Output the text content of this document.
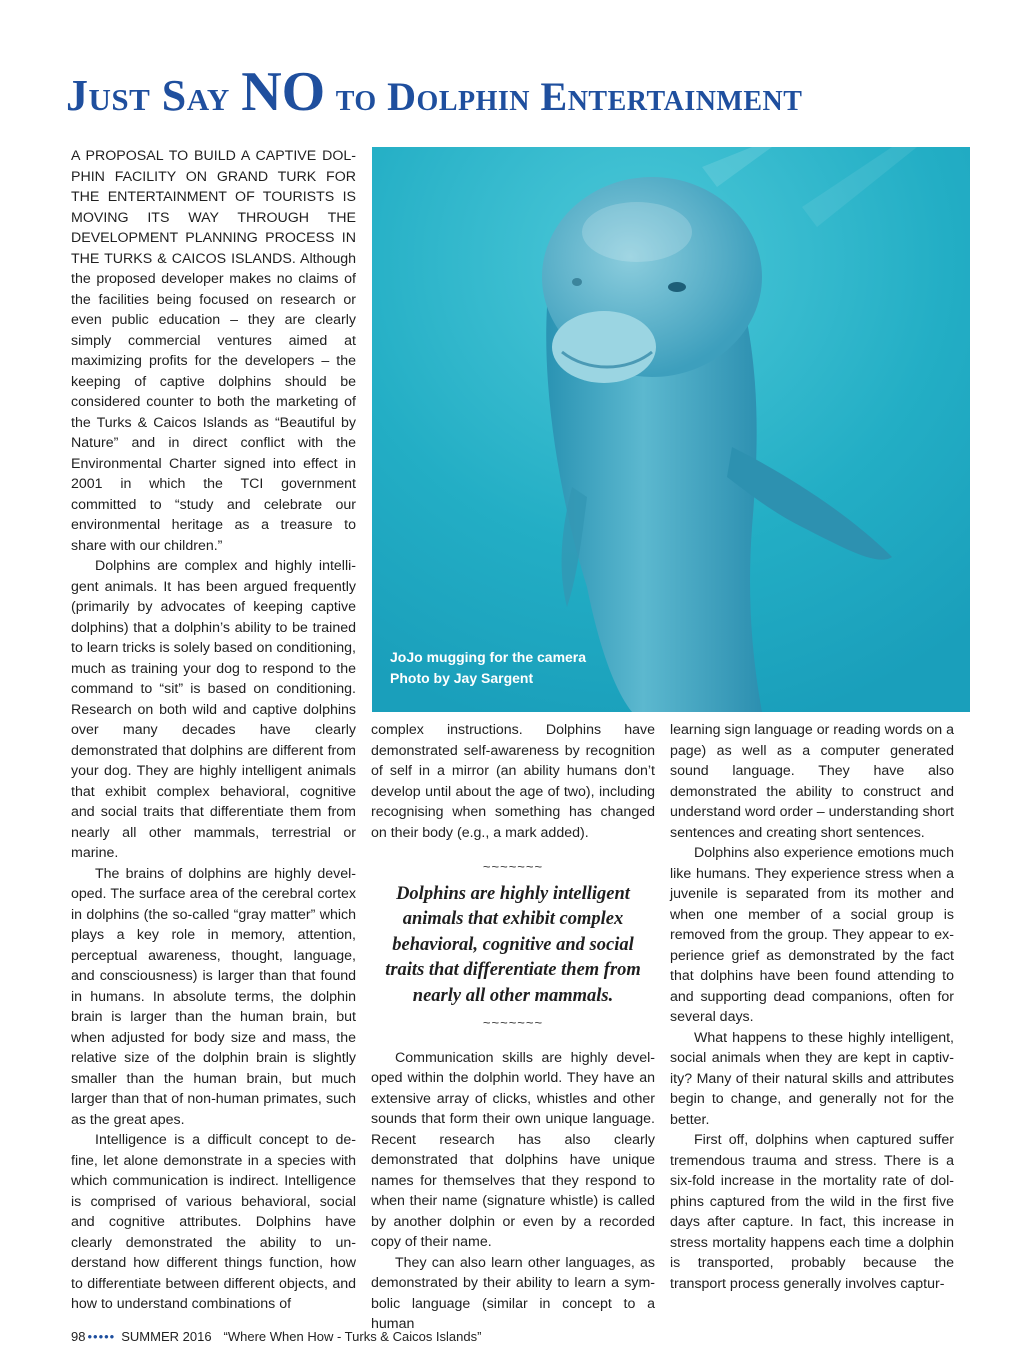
Just Say NO to Dolphin Entertainment

A PROPOSAL TO BUILD A CAPTIVE DOLPHIN FACILITY ON GRAND TURK FOR THE ENTERTAINMENT OF TOURISTS IS MOVING ITS WAY THROUGH THE DEVELOPMENT PLANNING PROCESS IN THE TURKS & CAICOS ISLANDS. Although the proposed developer makes no claims of the facilities being focused on research or even public education – they are clearly simply commercial ventures aimed at maximizing profits for the developers – the keeping of captive dolphins should be considered counter to both the marketing of the Turks & Caicos Islands as “Beautiful by Nature” and in direct conflict with the Environmental Charter signed into effect in 2001 in which the TCI government committed to “study and celebrate our environmental heritage as a treasure to share with our children.”

Dolphins are complex and highly intelligent animals. It has been argued frequently (primarily by advocates of keeping captive dolphins) that a dolphin’s ability to be trained to learn tricks is solely based on conditioning, much as training your dog to respond to the command to “sit” is based on conditioning. Research on both wild and captive dolphins over many decades have clearly demonstrated that dolphins are different from your dog. They are highly intelligent animals that exhibit complex behavioral, cognitive and social traits that differentiate them from nearly all other mammals, terrestrial or marine.

The brains of dolphins are highly developed. The surface area of the cerebral cortex in dolphins (the so-called “gray matter” which plays a key role in memory, attention, perceptual awareness, thought, language, and consciousness) is larger than that found in humans. In absolute terms, the dolphin brain is larger than the human brain, but when adjusted for body size and mass, the relative size of the dolphin brain is slightly smaller than the human brain, but much larger than that of non-human primates, such as the great apes.

Intelligence is a difficult concept to define, let alone demonstrate in a species with which communication is indirect. Intelligence is comprised of various behavioral, social and cognitive attributes. Dolphins have clearly demonstrated the ability to understand how different things function, how to differentiate between different objects, and how to understand combinations of

JoJo mugging for the camera
Photo by Jay Sargent

complex instructions. Dolphins have demonstrated self-awareness by recognition of self in a mirror (an ability humans don’t develop until about the age of two), including recognising when something has changed on their body (e.g., a mark added).

~~~~~~~
Dolphins are highly intelligent animals that exhibit complex behavioral, cognitive and social traits that differentiate them from nearly all other mammals.
~~~~~~~

Communication skills are highly developed within the dolphin world. They have an extensive array of clicks, whistles and other sounds that form their own unique language. Recent research has also clearly demonstrated that dolphins have unique names for themselves that they respond to when their name (signature whistle) is called by another dolphin or even by a recorded copy of their name.

They can also learn other languages, as demonstrated by their ability to learn a symbolic language (similar in concept to a human

learning sign language or reading words on a page) as well as a computer generated sound language. They have also demonstrated the ability to construct and understand word order – understanding short sentences and creating short sentences.

Dolphins also experience emotions much like humans. They experience stress when a juvenile is separated from its mother and when one member of a social group is removed from the group. They appear to experience grief as demonstrated by the fact that dolphins have been found attending to and supporting dead companions, often for several days.

What happens to these highly intelligent, social animals when they are kept in captivity? Many of their natural skills and attributes begin to change, and generally not for the better.

First off, dolphins when captured suffer tremendous trauma and stress. There is a six-fold increase in the mortality rate of dolphins captured from the wild in the first five days after capture. In fact, this increase in stress mortality happens each time a dolphin is transported, probably because the transport process generally involves captur-

98 ••••• SUMMER 2016 “Where When How - Turks & Caicos Islands”
